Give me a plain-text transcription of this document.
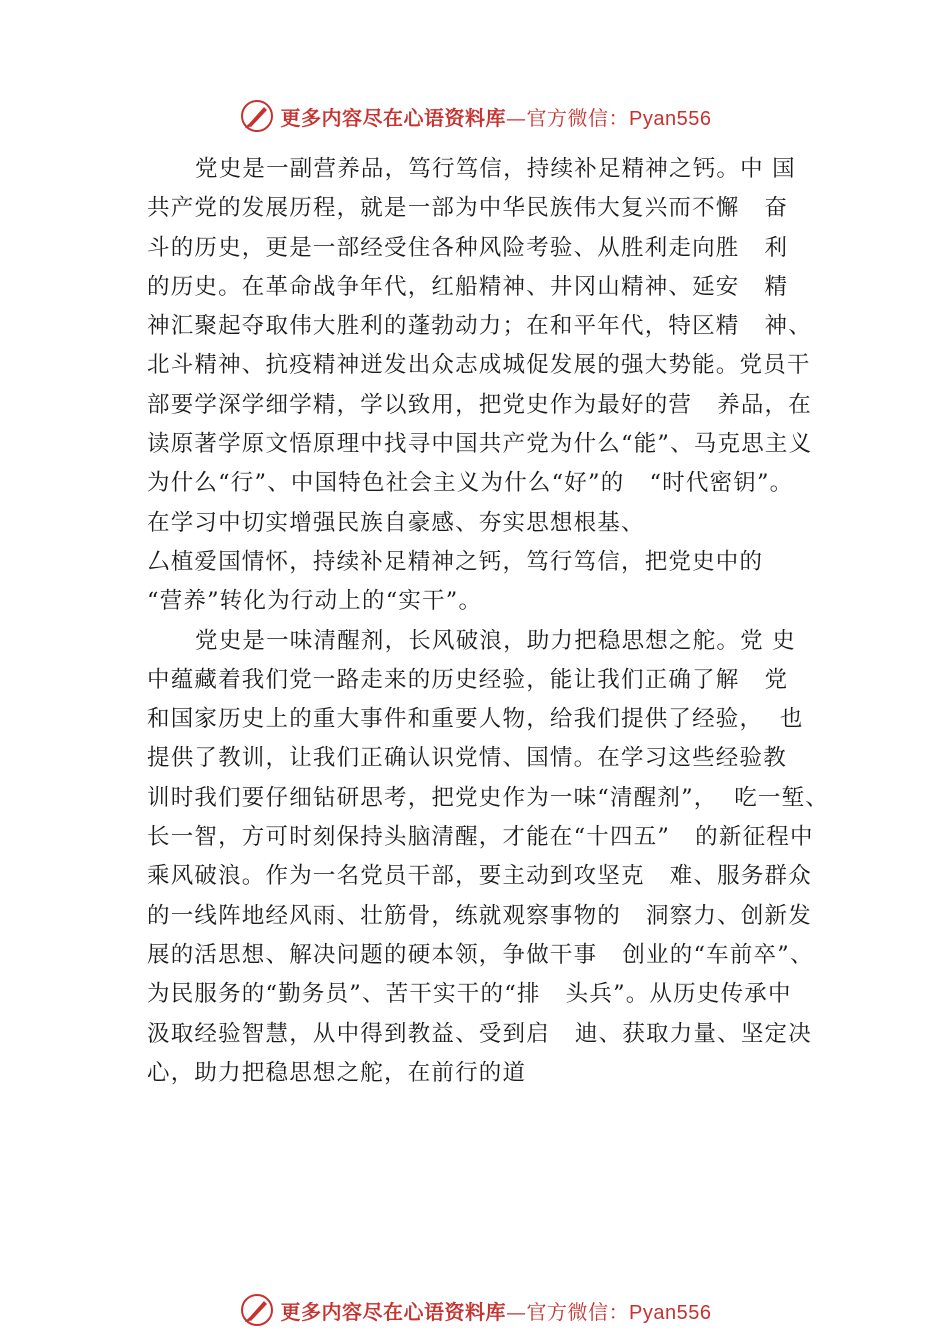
更多内容尽在心语资料库—官方微信：Pyan556
党史是一副营养品，笃行笃信，持续补足精神之钙。中 国
共产党的发展历程，就是一部为中华民族伟大复兴而不懈   奋
斗的历史，更是一部经受住各种风险考验、从胜利走向胜   利
的历史。在革命战争年代，红船精神、井冈山精神、延安   精
神汇聚起夺取伟大胜利的蓬勃动力；在和平年代，特区精   神、
北斗精神、抗疫精神迸发出众志成城促发展的强大势能。党员干
部要学深学细学精，学以致用，把党史作为最好的营   养品，在
读原著学原文悟原理中找寻中国共产党为什么“能”、马克思主义
为什么“行”、中国特色社会主义为什么“好”的   “时代密钥”。
在学习中切实增强民族自豪感、夯实思想根基、
厶植爱国情怀，持续补足精神之钙，笃行笃信，把党史中的
“营养”转化为行动上的“实干”。
党史是一味清醒剂，长风破浪，助力把稳思想之舵。党 史
中蕴藏着我们党一路走来的历史经验，能让我们正确了解   党
和国家历史上的重大事件和重要人物，给我们提供了经验，  也
提供了教训，让我们正确认识党情、国情。在学习这些经验教
训时我们要仔细钻研思考，把党史作为一味“清醒剂”，  吃一堑、
长一智，方可时刻保持头脑清醒，才能在“十四五”   的新征程中
乘风破浪。作为一名党员干部，要主动到攻坚克   难、服务群众
的一线阵地经风雨、壮筋骨，练就观察事物的   洞察力、创新发
展的活思想、解决问题的硬本领，争做干事   创业的“车前卒”、
为民服务的“勤务员”、苦干实干的“排   头兵”。从历史传承中
汲取经验智慧，从中得到教益、受到启   迪、获取力量、坚定决
心，助力把稳思想之舵，在前行的道
更多内容尽在心语资料库—官方微信：Pyan556
